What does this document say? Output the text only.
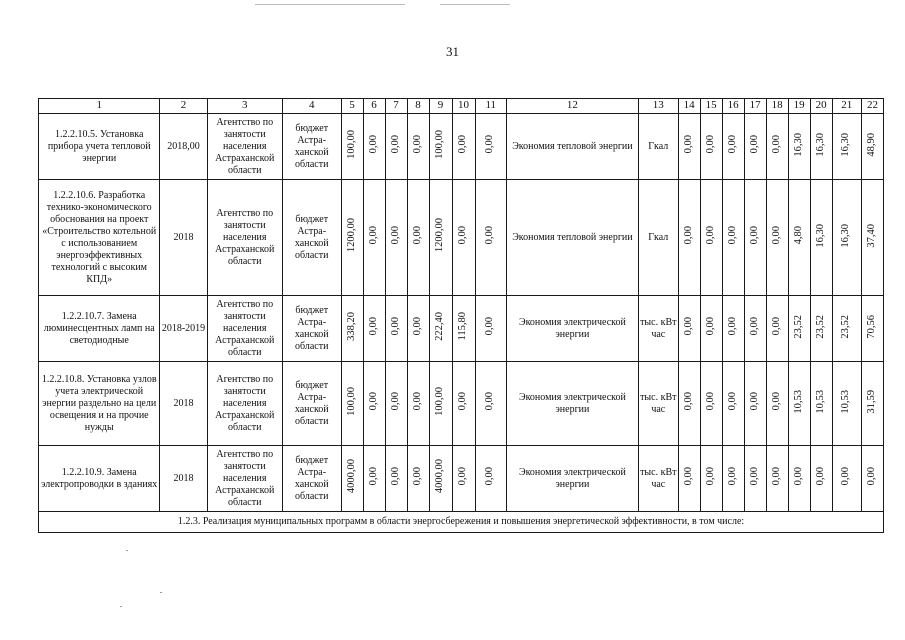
31
1	2	3	4	5	6	7	8	9	10	11	12	13	14	15	16	17	18	19	20	21	22
1.2.2.10.5. Установка прибора учета тепловой энергии	2018,00	Агентство по занятости населения Астраханской области	бюджет Астраханской области	100,00	0,00	0,00	0,00	100,00	0,00	0,00	Экономия тепловой энергии	Гкал	0,00	0,00	0,00	0,00	0,00	16,30	16,30	16,30	48,90
1.2.2.10.6. Разработка технико-экономического обоснования на проект «Строительство котельной с использованием энергоэффективных технологий с высоким КПД»	2018	Агентство по занятости населения Астраханской области	бюджет Астраханской области	1200,00	0,00	0,00	0,00	1200,00	0,00	0,00	Экономия тепловой энергии	Гкал	0,00	0,00	0,00	0,00	0,00	4,80	16,30	16,30	37,40
1.2.2.10.7. Замена люминесцентных ламп на светодиодные	2018-2019	Агентство по занятости населения Астраханской области	бюджет Астраханской области	338,20	0,00	0,00	0,00	222,40	115,80	0,00	Экономия электрической энергии	тыс. кВт час	0,00	0,00	0,00	0,00	0,00	23,52	23,52	23,52	70,56
1.2.2.10.8. Установка узлов учета электрической энергии раздельно на цели освещения и на прочие нужды	2018	Агентство по занятости населения Астраханской области	бюджет Астраханской области	100,00	0,00	0,00	0,00	100,00	0,00	0,00	Экономия электрической энергии	тыс. кВт час	0,00	0,00	0,00	0,00	0,00	10,53	10,53	10,53	31,59
1.2.2.10.9. Замена электропроводки в зданиях	2018	Агентство по занятости населения Астраханской области	бюджет Астраханской области	4000,00	0,00	0,00	0,00	4000,00	0,00	0,00	Экономия электрической энергии	тыс. кВт час	0,00	0,00	0,00	0,00	0,00	0,00	0,00	0,00	0,00
1.2.3. Реализация муниципальных программ в области энергосбережения и повышения энергетической эффективности, в том числе:																					
